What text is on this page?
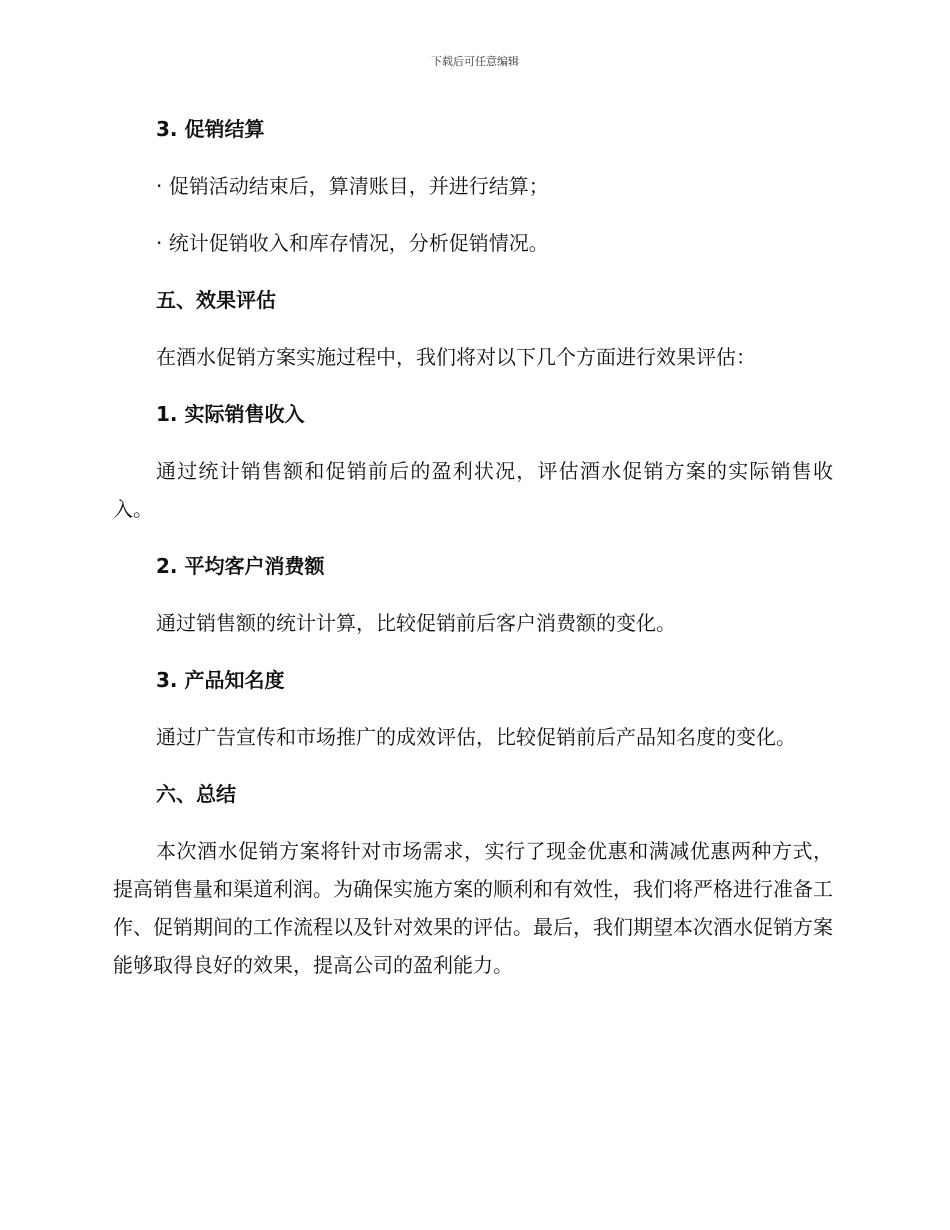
下载后可任意编辑

3. 促销结算

· 促销活动结束后，算清账目，并进行结算；

· 统计促销收入和库存情况，分析促销情况。

五、效果评估

在酒水促销方案实施过程中，我们将对以下几个方面进行效果评估：

1. 实际销售收入

通过统计销售额和促销前后的盈利状况，评估酒水促销方案的实际销售收入。

2. 平均客户消费额

通过销售额的统计计算，比较促销前后客户消费额的变化。

3. 产品知名度

通过广告宣传和市场推广的成效评估，比较促销前后产品知名度的变化。

六、总结

本次酒水促销方案将针对市场需求，实行了现金优惠和满减优惠两种方式，提高销售量和渠道利润。为确保实施方案的顺利和有效性，我们将严格进行准备工作、促销期间的工作流程以及针对效果的评估。最后，我们期望本次酒水促销方案能够取得良好的效果，提高公司的盈利能力。
